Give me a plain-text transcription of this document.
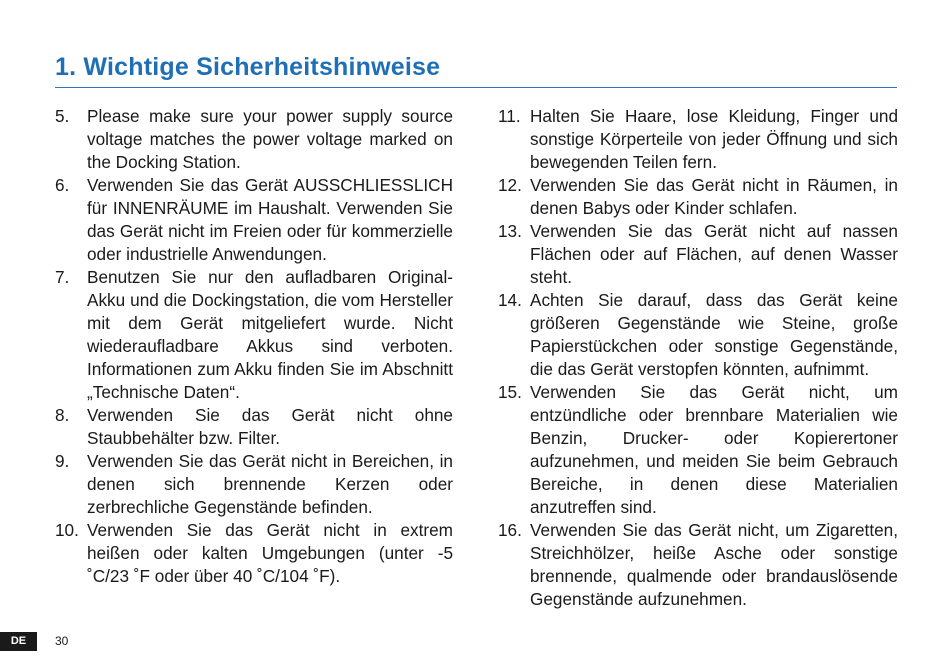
1. Wichtige Sicherheitshinweise
5.	Please make sure your power supply source voltage matches the power voltage marked on the Docking Station.
6.	Verwenden Sie das Gerät AUSSCHLIESSLICH für INNENRÄUME im Haushalt. Verwenden Sie das Gerät nicht im Freien oder für kommerzielle oder industrielle Anwendungen.
7.	Benutzen Sie nur den aufladbaren Original-Akku und die Dockingstation, die vom Hersteller mit dem Gerät mitgeliefert wurde. Nicht wiederaufladbare Akkus sind verboten. Informationen zum Akku finden Sie im Abschnitt „Technische Daten“.
8.	Verwenden Sie das Gerät nicht ohne Staubbehälter bzw. Filter.
9.	Verwenden Sie das Gerät nicht in Bereichen, in denen sich brennende Kerzen oder zerbrechliche Gegenstände befinden.
10. Verwenden Sie das Gerät nicht in extrem heißen oder kalten Umgebungen (unter -5 ˚C/23 ˚F oder über 40 ˚C/104 ˚F).
11. Halten Sie Haare, lose Kleidung, Finger und sonstige Körperteile von jeder Öffnung und sich bewegenden Teilen fern.
12. Verwenden Sie das Gerät nicht in Räumen, in denen Babys oder Kinder schlafen.
13. Verwenden Sie das Gerät nicht auf nassen Flächen oder auf Flächen, auf denen Wasser steht.
14. Achten Sie darauf, dass das Gerät keine größeren Gegenstände wie Steine, große Papierstückchen oder sonstige Gegenstände, die das Gerät verstopfen könnten, aufnimmt.
15. Verwenden Sie das Gerät nicht, um entzündliche oder brennbare Materialien wie Benzin, Drucker- oder Kopierertoner aufzunehmen, und meiden Sie beim Gebrauch Bereiche, in denen diese Materialien anzutreffen sind.
16. Verwenden Sie das Gerät nicht, um Zigaretten, Streichhölzer, heiße Asche oder sonstige brennende, qualmende oder brandauslösende Gegenstände aufzunehmen.
DE	30
